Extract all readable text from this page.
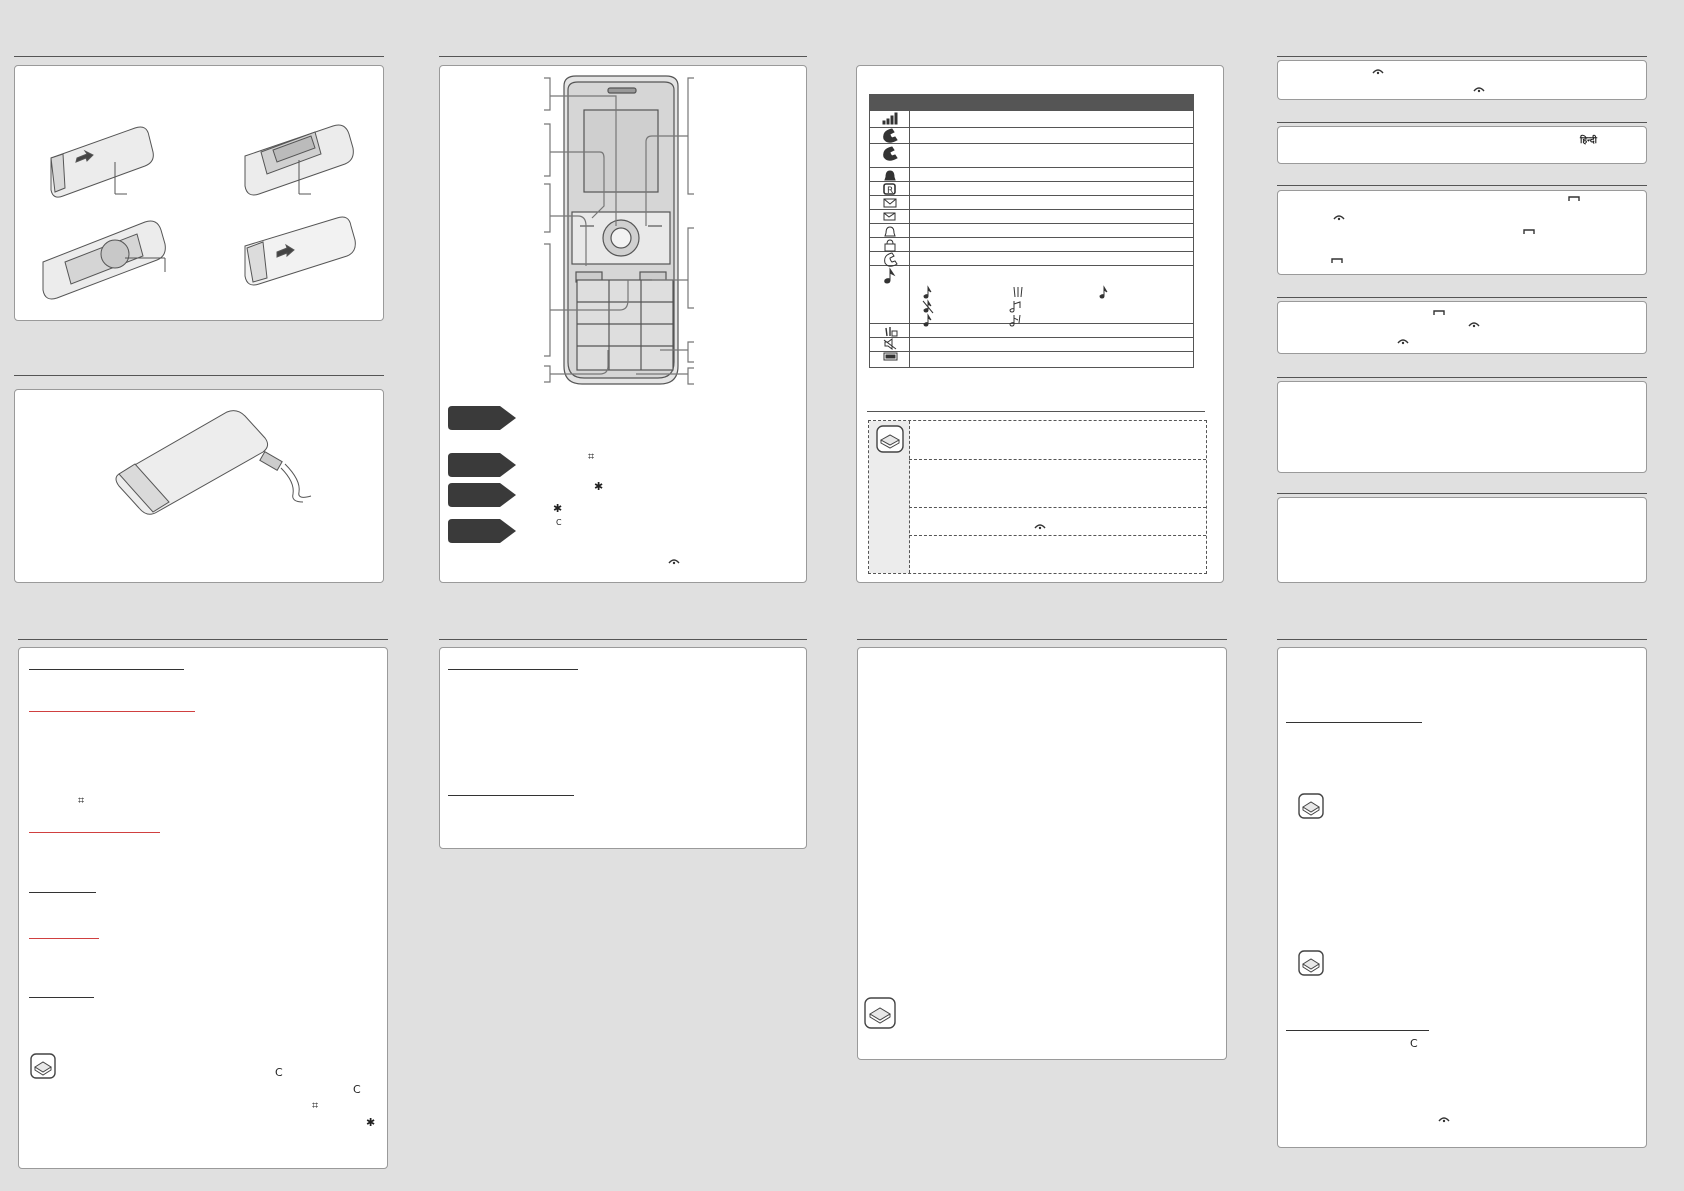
⌗
✱
✱
C
R
हिन्दी
⌗
C
C
⌗
✱
C
